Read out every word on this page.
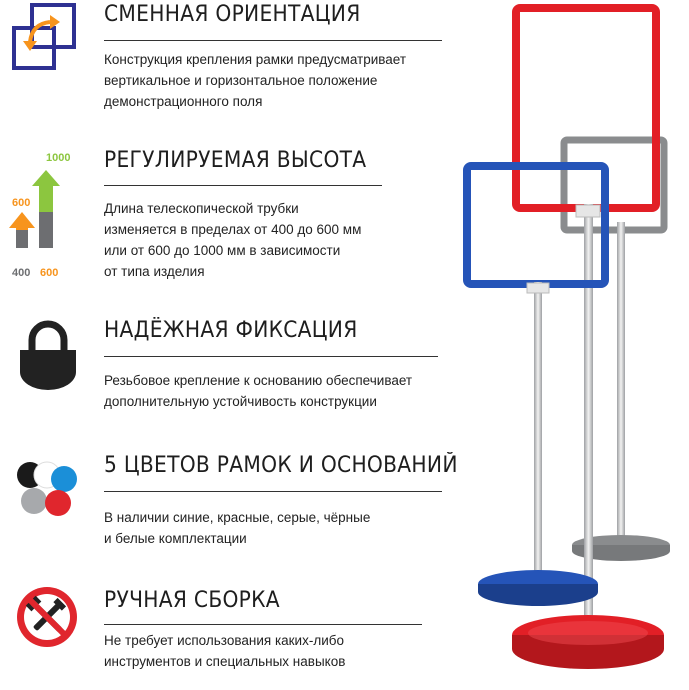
СМЕННАЯ ОРИЕНТАЦИЯ

Конструкция крепления рамки предусматривает
вертикальное и горизонтальное положение
демонстрационного поля

1000
600
400 600
РЕГУЛИРУЕМАЯ ВЫСОТА

Длина телескопической трубки
изменяется в пределах от 400 до 600 мм
или от 600 до 1000 мм в зависимости
от типа изделия

НАДЁЖНАЯ ФИКСАЦИЯ

Резьбовое крепление к основанию обеспечивает
дополнительную устойчивость конструкции

5 ЦВЕТОВ РАМОК И ОСНОВАНИЙ

В наличии синие, красные, серые, чёрные
и белые комплектации

РУЧНАЯ СБОРКА

Не требует использования каких-либо
инструментов и специальных навыков
